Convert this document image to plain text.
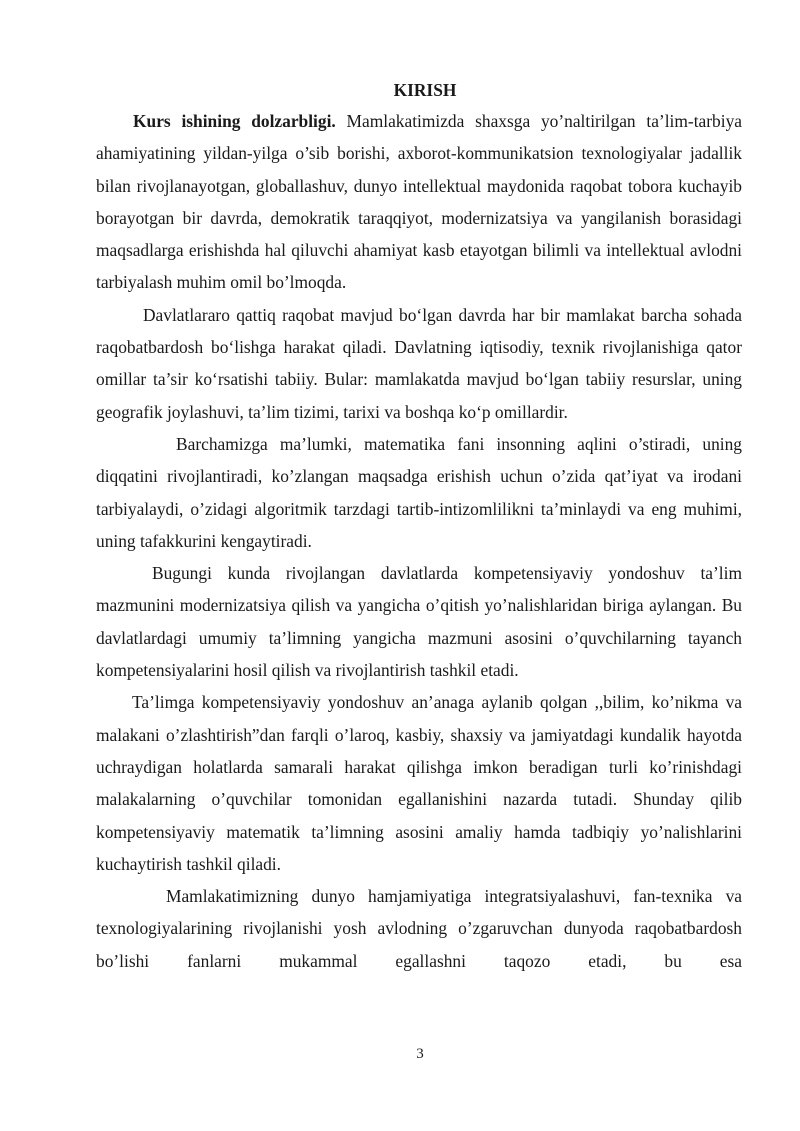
KIRISH

Kurs ishining dolzarbligi. Mamlakatimizda shaxsga yo’naltirilgan ta’lim-tarbiya ahamiyatining yildan-yilga o’sib borishi, axborot-kommunikatsion texnologiyalar jadallik bilan rivojlanayotgan, globallashuv, dunyo intellektual maydonida raqobat tobora kuchayib borayotgan bir davrda, demokratik taraqqiyot, modernizatsiya va yangilanish borasidagi maqsadlarga erishishda hal qiluvchi ahamiyat kasb etayotgan bilimli va intellektual avlodni tarbiyalash muhim omil bo’lmoqda.

Davlatlararo qattiq raqobat mavjud bo‘lgan davrda har bir mamlakat barcha sohada raqobatbardosh bo‘lishga harakat qiladi. Davlatning iqtisodiy, texnik rivojlanishiga qator omillar ta’sir ko‘rsatishi tabiiy. Bular: mamlakatda mavjud bo‘lgan tabiiy resurslar, uning geografik joylashuvi, ta’lim tizimi, tarixi va boshqa ko‘p omillardir.

Barchamizga ma’lumki, matematika fani insonning aqlini o’stiradi, uning diqqatini rivojlantiradi, ko’zlangan maqsadga erishish uchun o’zida qat’iyat va irodani tarbiyalaydi, o’zidagi algoritmik tarzdagi tartib-intizomlilikni ta’minlaydi va eng muhimi, uning tafakkurini kengaytiradi.

Bugungi kunda rivojlangan davlatlarda kompetensiyaviy yondoshuv ta’lim mazmunini modernizatsiya qilish va yangicha o’qitish yo’nalishlaridan biriga aylangan. Bu davlatlardagi umumiy ta’limning yangicha mazmuni asosini o’quvchilarning tayanch kompetensiyalarini hosil qilish va rivojlantirish tashkil etadi.

Ta’limga kompetensiyaviy yondoshuv an’anaga aylanib qolgan ,,bilim, ko’nikma va malakani o’zlashtirish”dan farqli o’laroq, kasbiy, shaxsiy va jamiyatdagi kundalik hayotda uchraydigan holatlarda samarali harakat qilishga imkon beradigan turli ko’rinishdagi malakalarning o’quvchilar tomonidan egallanishini nazarda tutadi. Shunday qilib kompetensiyaviy matematik ta’limning asosini amaliy hamda tadbiqiy yo’nalishlarini kuchaytirish tashkil qiladi.

Mamlakatimizning dunyo hamjamiyatiga integratsiyalashuvi, fan-texnika va texnologiyalarining rivojlanishi yosh avlodning o’zgaruvchan dunyoda raqobatbardosh bo’lishi fanlarni mukammal egallashni taqozo etadi, bu esa

3
